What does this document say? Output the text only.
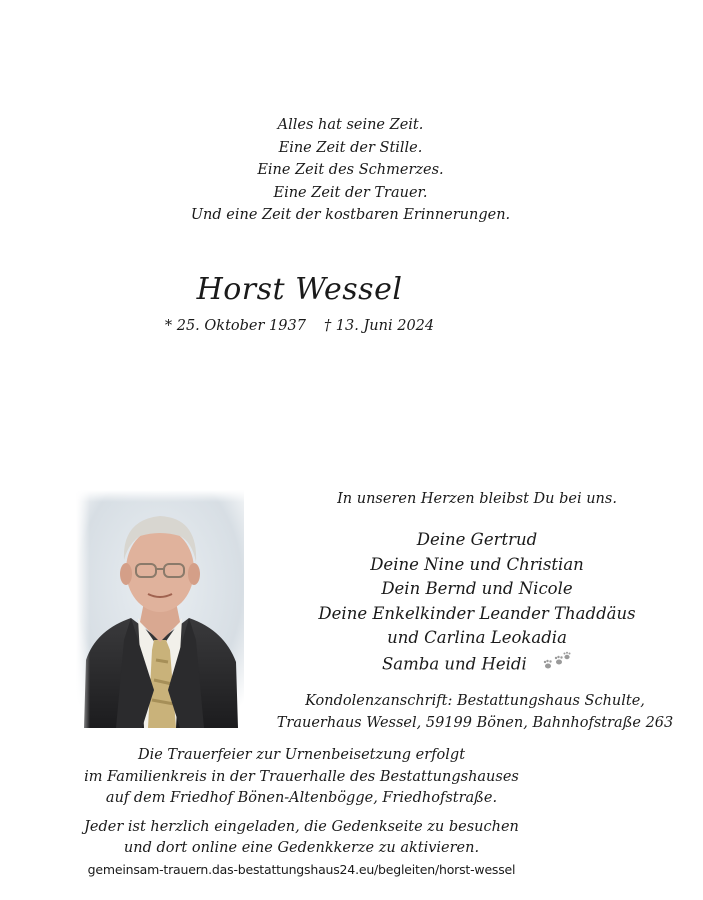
Alles hat seine Zeit.
Eine Zeit der Stille.
Eine Zeit des Schmerzes.
Eine Zeit der Trauer.
Und eine Zeit der kostbaren Erinnerungen.
Horst Wessel
* 25. Oktober 1937 † 13. Juni 2024
In unseren Herzen bleibst Du bei uns.
Deine Gertrud
Deine Nine und Christian
Dein Bernd und Nicole
Deine Enkelkinder Leander Thaddäus
und Carlina Leokadia
Samba und Heidi
Kondolenzanschrift: Bestattungshaus Schulte,
Trauerhaus Wessel, 59199 Bönen, Bahnhofstraße 263
Die Trauerfeier zur Urnenbeisetzung erfolgt
im Familienkreis in der Trauerhalle des Bestattungshauses
auf dem Friedhof Bönen-Altenbögge, Friedhofstraße.
Jeder ist herzlich eingeladen, die Gedenkseite zu besuchen
und dort online eine Gedenkkerze zu aktivieren.
gemeinsam-trauern.das-bestattungshaus24.eu/begleiten/horst-wessel
